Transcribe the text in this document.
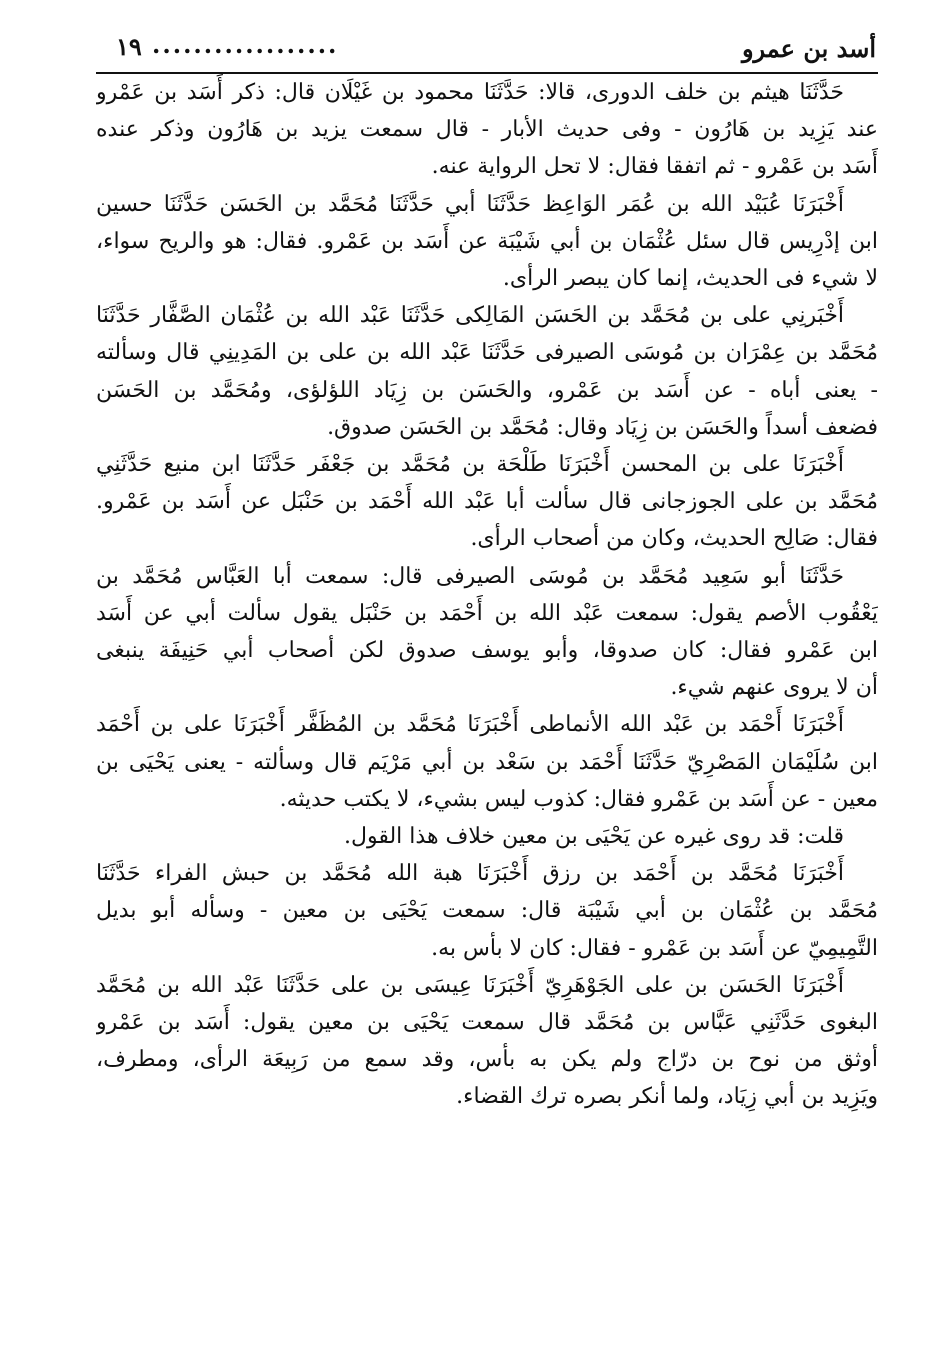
أسد بن عمرو
..................
١٩

حَدَّثَنَا هيثم بن خلف الدورى، قالا: حَدَّثَنَا محمود بن غَيْلَان قال: ذكر أَسَد بن عَمْرو
عند يَزِيد بن هَارُون - وفى حديث الأبار - قال سمعت يزيد بن هَارُون وذكر عنده
أَسَد بن عَمْرو - ثم اتفقا فقال: لا تحل الرواية عنه.

أَخْبَرَنَا عُبَيْد الله بن عُمَر الوَاعِظ حَدَّثَنَا أبي حَدَّثَنَا مُحَمَّد بن الحَسَن حَدَّثَنَا حسين
ابن إدْرِيس قال سئل عُثْمَان بن أبي شَيْبَة عن أَسَد بن عَمْرو. فقال: هو والريح سواء،
لا شيء فى الحديث، إنما كان يبصر الرأى.

أَخْبَرنِي على بن مُحَمَّد بن الحَسَن المَالِكى حَدَّثَنَا عَبْد الله بن عُثْمَان الصَّفَّار حَدَّثَنَا
مُحَمَّد بن عِمْرَان بن مُوسَى الصيرفى حَدَّثَنَا عَبْد الله بن على بن المَدِينِي قال وسألته
- يعنى أباه - عن أَسَد بن عَمْرو، والحَسَن بن زِيَاد اللؤلؤى، ومُحَمَّد بن الحَسَن
فضعف أسداً والحَسَن بن زِيَاد وقال: مُحَمَّد بن الحَسَن صدوق.

أَخْبَرَنَا على بن المحسن أَخْبَرَنَا طَلْحَة بن مُحَمَّد بن جَعْفَر حَدَّثَنَا ابن منيع حَدَّثَنِي
مُحَمَّد بن على الجوزجانى قال سألت أبا عَبْد الله أَحْمَد بن حَنْبَل عن أَسَد بن عَمْرو.
فقال: صَالِح الحديث، وكان من أصحاب الرأى.

حَدَّثَنَا أبو سَعِيد مُحَمَّد بن مُوسَى الصيرفى قال: سمعت أبا العَبَّاس مُحَمَّد بن
يَعْقُوب الأصم يقول: سمعت عَبْد الله بن أَحْمَد بن حَنْبَل يقول سألت أبي عن أَسَد
ابن عَمْرو فقال: كان صدوقا، وأبو يوسف صدوق لكن أصحاب أبي حَنِيفَة ينبغى
أن لا يروى عنهم شيء.

أَخْبَرَنَا أَحْمَد بن عَبْد الله الأنماطى أَخْبَرَنَا مُحَمَّد بن المُظَفَّر أَخْبَرَنَا على بن أَحْمَد
ابن سُلَيْمَان المَصْرِيّ حَدَّثَنَا أَحْمَد بن سَعْد بن أبي مَرْيَم قال وسألته - يعنى يَحْيَى بن
معين - عن أَسَد بن عَمْرو فقال: كذوب ليس بشيء، لا يكتب حديثه.

قلت: قد روى غيره عن يَحْيَى بن معين خلاف هذا القول.

أَخْبَرَنَا مُحَمَّد بن أَحْمَد بن رزق أَخْبَرَنَا هبة الله مُحَمَّد بن حبش الفراء حَدَّثَنَا
مُحَمَّد بن عُثْمَان بن أبي شَيْبَة قال: سمعت يَحْيَى بن معين - وسأله أبو بديل
التَّمِيمِيّ عن أَسَد بن عَمْرو - فقال: كان لا بأس به.

أَخْبَرَنَا الحَسَن بن على الجَوْهَرِيّ أَخْبَرَنَا عِيسَى بن على حَدَّثَنَا عَبْد الله بن مُحَمَّد
البغوى حَدَّثَنِي عَبَّاس بن مُحَمَّد قال سمعت يَحْيَى بن معين يقول: أَسَد بن عَمْرو
أوثق من نوح بن درّاج ولم يكن به بأس، وقد سمع من رَبِيعَة الرأى، ومطرف،
ويَزِيد بن أبي زِيَاد، ولما أنكر بصره ترك القضاء.
